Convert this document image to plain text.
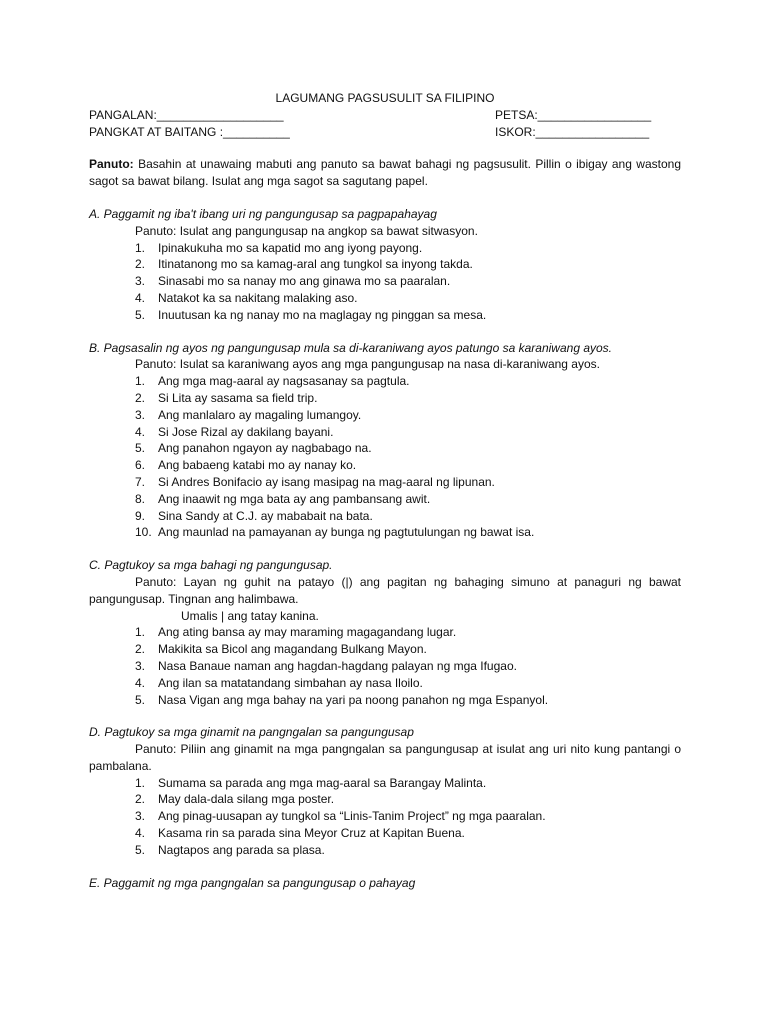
LAGUMANG PAGSUSULIT SA FILIPINO
PANGALAN:___________________	PETSA:_________________
PANGKAT AT BAITANG :__________	ISKOR:_________________
Panuto: Basahin at unawaing mabuti ang panuto sa bawat bahagi ng pagsusulit. Pillin o ibigay ang wastong sagot sa bawat bilang. Isulat ang mga sagot sa sagutang papel.
A. Paggamit ng iba't ibang uri ng pangungusap sa pagpapahayag
Panuto: Isulat ang pangungusap na angkop sa bawat sitwasyon.
1.	Ipinakukuha mo sa kapatid mo ang iyong payong.
2.	Itinatanong mo sa kamag-aral ang tungkol sa inyong takda.
3.	Sinasabi mo sa nanay mo ang ginawa mo sa paaralan.
4.	Natakot ka sa nakitang malaking aso.
5.	Inuutusan ka ng nanay mo na maglagay ng pinggan sa mesa.
B. Pagsasalin ng ayos ng pangungusap mula sa di-karaniwang ayos patungo sa karaniwang ayos.
Panuto: Isulat sa karaniwang ayos ang mga pangungusap na nasa di-karaniwang ayos.
1.	Ang mga mag-aaral ay nagsasanay sa pagtula.
2.	Si Lita ay sasama sa field trip.
3.	Ang manlalaro ay magaling lumangoy.
4.	Si Jose Rizal ay dakilang bayani.
5.	Ang panahon ngayon ay nagbabago na.
6.	Ang babaeng katabi mo ay nanay ko.
7.	Si Andres Bonifacio ay isang masipag na mag-aaral ng lipunan.
8.	Ang inaawit ng mga bata ay ang pambansang awit.
9.	Sina Sandy at C.J. ay mababait na bata.
10. Ang maunlad na pamayanan ay bunga ng pagtutulungan ng bawat isa.
C. Pagtukoy sa mga bahagi ng pangungusap.
Panuto: Layan ng guhit na patayo (|) ang pagitan ng bahaging simuno at panaguri ng bawat pangungusap. Tingnan ang halimbawa.
Umalis | ang tatay kanina.
1.	Ang ating bansa ay may maraming magagandang lugar.
2.	Makikita sa Bicol ang magandang Bulkang Mayon.
3.	Nasa Banaue naman ang hagdan-hagdang palayan ng mga Ifugao.
4.	Ang ilan sa matatandang simbahan ay nasa Iloilo.
5.	Nasa Vigan ang mga bahay na yari pa noong panahon ng mga Espanyol.
D. Pagtukoy sa mga ginamit na pangngalan sa pangungusap
Panuto: Piliin ang ginamit na mga pangngalan sa pangungusap at isulat ang uri nito kung pantangi o pambalana.
1.	Sumama sa parada ang mga mag-aaral sa Barangay Malinta.
2.	May dala-dala silang mga poster.
3.	Ang pinag-uusapan ay tungkol sa “Linis-Tanim Project” ng mga paaralan.
4.	Kasama rin sa parada sina Meyor Cruz at Kapitan Buena.
5.	Nagtapos ang parada sa plasa.
E. Paggamit ng mga pangngalan sa pangungusap o pahayag
